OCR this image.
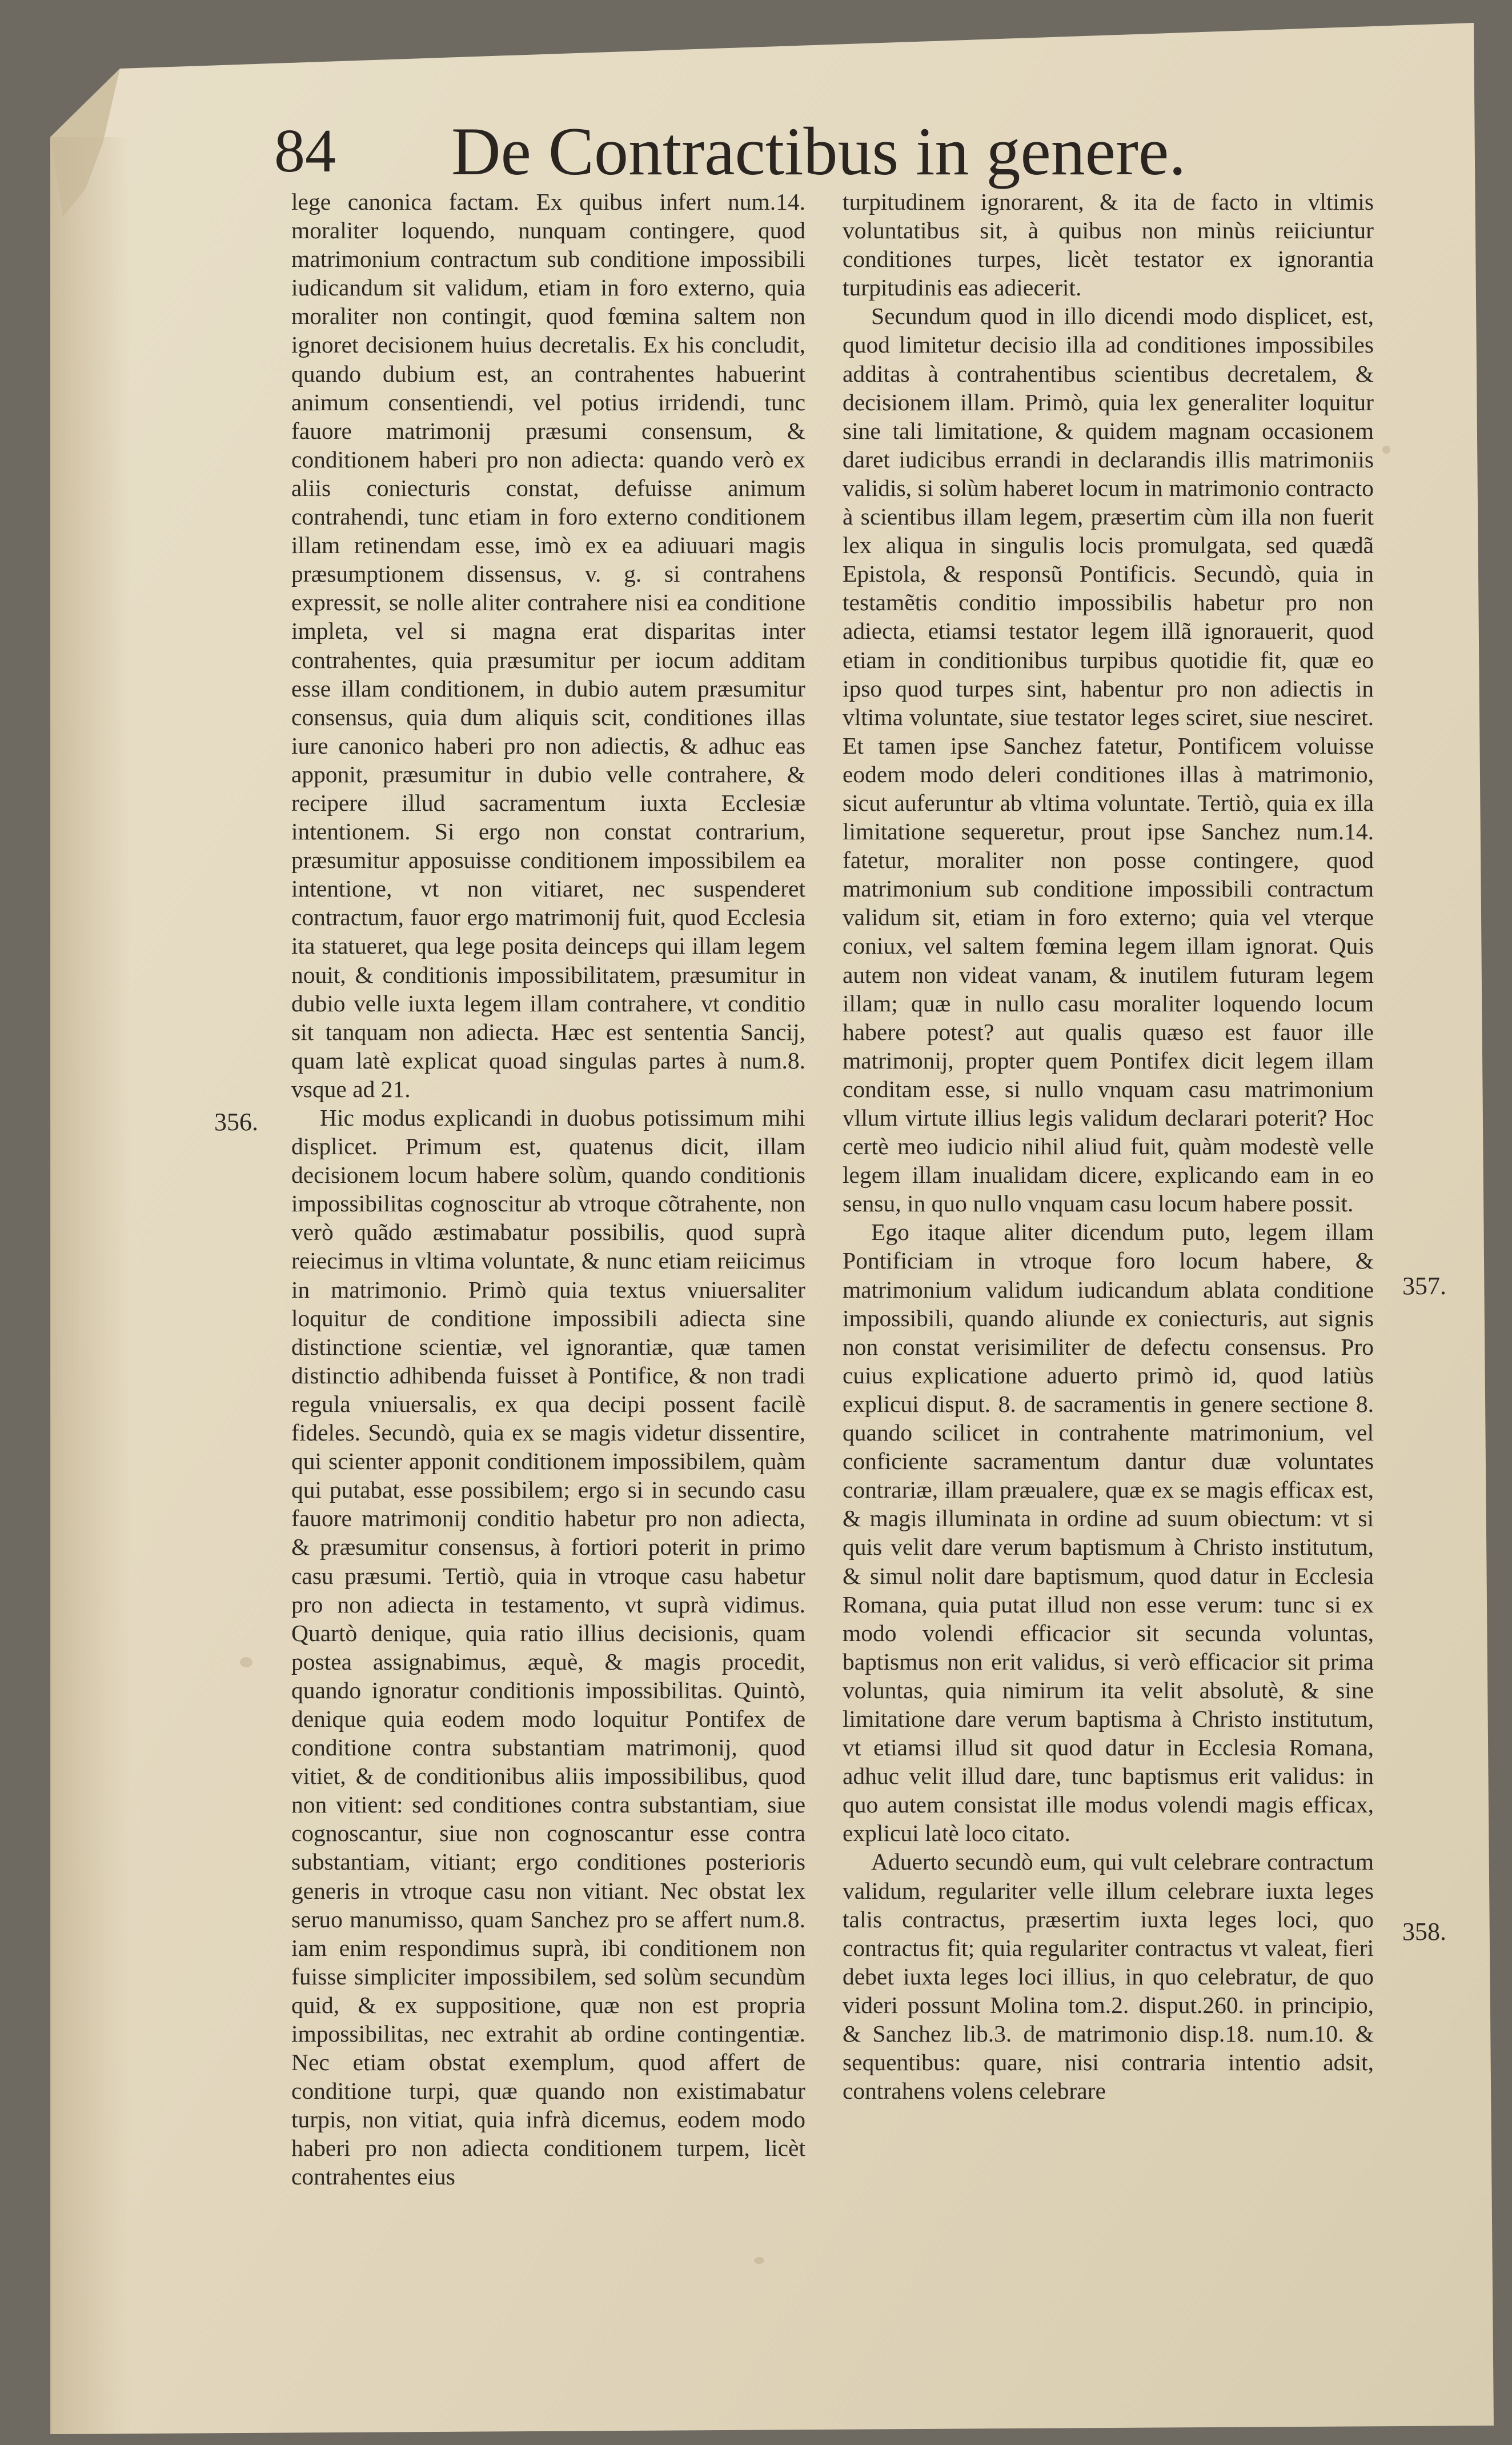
84 De Contractibus in genere.
356.
357.
358.

lege canonica factam. Ex quibus infert num.14. moraliter loquendo, nunquam contingere, quod matrimonium contractum sub conditione impossibili iudicandum sit validum, etiam in foro externo, quia moraliter non contingit, quod fœmina saltem non ignoret decisionem huius decretalis. Ex his concludit, quando dubium est, an contrahentes habuerint animum consentiendi, vel potius irridendi, tunc fauore matrimonij præsumi consensum, & conditionem haberi pro non adiecta: quando verò ex aliis coniecturis constat, defuisse animum contrahendi, tunc etiam in foro externo conditionem illam retinendam esse, imò ex ea adiuuari magis præsumptionem dissensus, v. g. si contrahens expressit, se nolle aliter contrahere nisi ea conditione impleta, vel si magna erat disparitas inter contrahentes, quia præsumitur per iocum additam esse illam conditionem, in dubio autem præsumitur consensus, quia dum aliquis scit, conditiones illas iure canonico haberi pro non adiectis, & adhuc eas apponit, præsumitur in dubio velle contrahere, & recipere illud sacramentum iuxta Ecclesiæ intentionem. Si ergo non constat contrarium, præsumitur apposuisse conditionem impossibilem ea intentione, vt non vitiaret, nec suspenderet contractum, fauor ergo matrimonij fuit, quod Ecclesia ita statueret, qua lege posita deinceps qui illam legem nouit, & conditionis impossibilitatem, præsumitur in dubio velle iuxta legem illam contrahere, vt conditio sit tanquam non adiecta. Hæc est sententia Sancij, quam latè explicat quoad singulas partes à num.8. vsque ad 21.

Hic modus explicandi in duobus potissimum mihi displicet. Primum est, quatenus dicit, illam decisionem locum habere solùm, quando conditionis impossibilitas cognoscitur ab vtroque cõtrahente, non verò quãdo æstimabatur possibilis, quod suprà reiecimus in vltima voluntate, & nunc etiam reiicimus in matrimonio. Primò quia textus vniuersaliter loquitur de conditione impossibili adiecta sine distinctione scientiæ, vel ignorantiæ, quæ tamen distinctio adhibenda fuisset à Pontifice, & non tradi regula vniuersalis, ex qua decipi possent facilè fideles. Secundò, quia ex se magis videtur dissentire, qui scienter apponit conditionem impossibilem, quàm qui putabat, esse possibilem; ergo si in secundo casu fauore matrimonij conditio habetur pro non adiecta, & præsumitur consensus, à fortiori poterit in primo casu præsumi. Tertiò, quia in vtroque casu habetur pro non adiecta in testamento, vt suprà vidimus. Quartò denique, quia ratio illius decisionis, quam postea assignabimus, æquè, & magis procedit, quando ignoratur conditionis impossibilitas. Quintò, denique quia eodem modo loquitur Pontifex de conditione contra substantiam matrimonij, quod vitiet, & de conditionibus aliis impossibilibus, quod non vitient: sed conditiones contra substantiam, siue cognoscantur, siue non cognoscantur esse contra substantiam, vitiant; ergo conditiones posterioris generis in vtroque casu non vitiant. Nec obstat lex seruo manumisso, quam Sanchez pro se affert num.8. iam enim respondimus suprà, ibi conditionem non fuisse simpliciter impossibilem, sed solùm secundùm quid, & ex suppositione, quæ non est propria impossibilitas, nec extrahit ab ordine contingentiæ. Nec etiam obstat exemplum, quod affert de conditione turpi, quæ quando non existimabatur turpis, non vitiat, quia infrà dicemus, eodem modo haberi pro non adiecta conditionem turpem, licèt contrahentes eius

turpitudinem ignorarent, & ita de facto in vltimis voluntatibus sit, à quibus non minùs reiiciuntur conditiones turpes, licèt testator ex ignorantia turpitudinis eas adiecerit.

Secundum quod in illo dicendi modo displicet, est, quod limitetur decisio illa ad conditiones impossibiles additas à contrahentibus scientibus decretalem, & decisionem illam. Primò, quia lex generaliter loquitur sine tali limitatione, & quidem magnam occasionem daret iudicibus errandi in declarandis illis matrimoniis validis, si solùm haberet locum in matrimonio contracto à scientibus illam legem, præsertim cùm illa non fuerit lex aliqua in singulis locis promulgata, sed quædã Epistola, & responsũ Pontificis. Secundò, quia in testamẽtis conditio impossibilis habetur pro non adiecta, etiamsi testator legem illã ignorauerit, quod etiam in conditionibus turpibus quotidie fit, quæ eo ipso quod turpes sint, habentur pro non adiectis in vltima voluntate, siue testator leges sciret, siue nesciret. Et tamen ipse Sanchez fatetur, Pontificem voluisse eodem modo deleri conditiones illas à matrimonio, sicut auferuntur ab vltima voluntate. Tertiò, quia ex illa limitatione sequeretur, prout ipse Sanchez num.14. fatetur, moraliter non posse contingere, quod matrimonium sub conditione impossibili contractum validum sit, etiam in foro externo; quia vel vterque coniux, vel saltem fœmina legem illam ignorat. Quis autem non videat vanam, & inutilem futuram legem illam; quæ in nullo casu moraliter loquendo locum habere potest? aut qualis quæso est fauor ille matrimonij, propter quem Pontifex dicit legem illam conditam esse, si nullo vnquam casu matrimonium vllum virtute illius legis validum declarari poterit? Hoc certè meo iudicio nihil aliud fuit, quàm modestè velle legem illam inualidam dicere, explicando eam in eo sensu, in quo nullo vnquam casu locum habere possit.

Ego itaque aliter dicendum puto, legem illam Pontificiam in vtroque foro locum habere, & matrimonium validum iudicandum ablata conditione impossibili, quando aliunde ex coniecturis, aut signis non constat verisimiliter de defectu consensus. Pro cuius explicatione aduerto primò id, quod latiùs explicui disput. 8. de sacramentis in genere sectione 8. quando scilicet in contrahente matrimonium, vel conficiente sacramentum dantur duæ voluntates contrariæ, illam præualere, quæ ex se magis efficax est, & magis illuminata in ordine ad suum obiectum: vt si quis velit dare verum baptismum à Christo institutum, & simul nolit dare baptismum, quod datur in Ecclesia Romana, quia putat illud non esse verum: tunc si ex modo volendi efficacior sit secunda voluntas, baptismus non erit validus, si verò efficacior sit prima voluntas, quia nimirum ita velit absolutè, & sine limitatione dare verum baptisma à Christo institutum, vt etiamsi illud sit quod datur in Ecclesia Romana, adhuc velit illud dare, tunc baptismus erit validus: in quo autem consistat ille modus volendi magis efficax, explicui latè loco citato.

Aduerto secundò eum, qui vult celebrare contractum validum, regulariter velle illum celebrare iuxta leges talis contractus, præsertim iuxta leges loci, quo contractus fit; quia regulariter contractus vt valeat, fieri debet iuxta leges loci illius, in quo celebratur, de quo videri possunt Molina tom.2. disput.260. in principio, & Sanchez lib.3. de matrimonio disp.18. num.10. & sequentibus: quare, nisi contraria intentio adsit, contrahens volens celebrare
